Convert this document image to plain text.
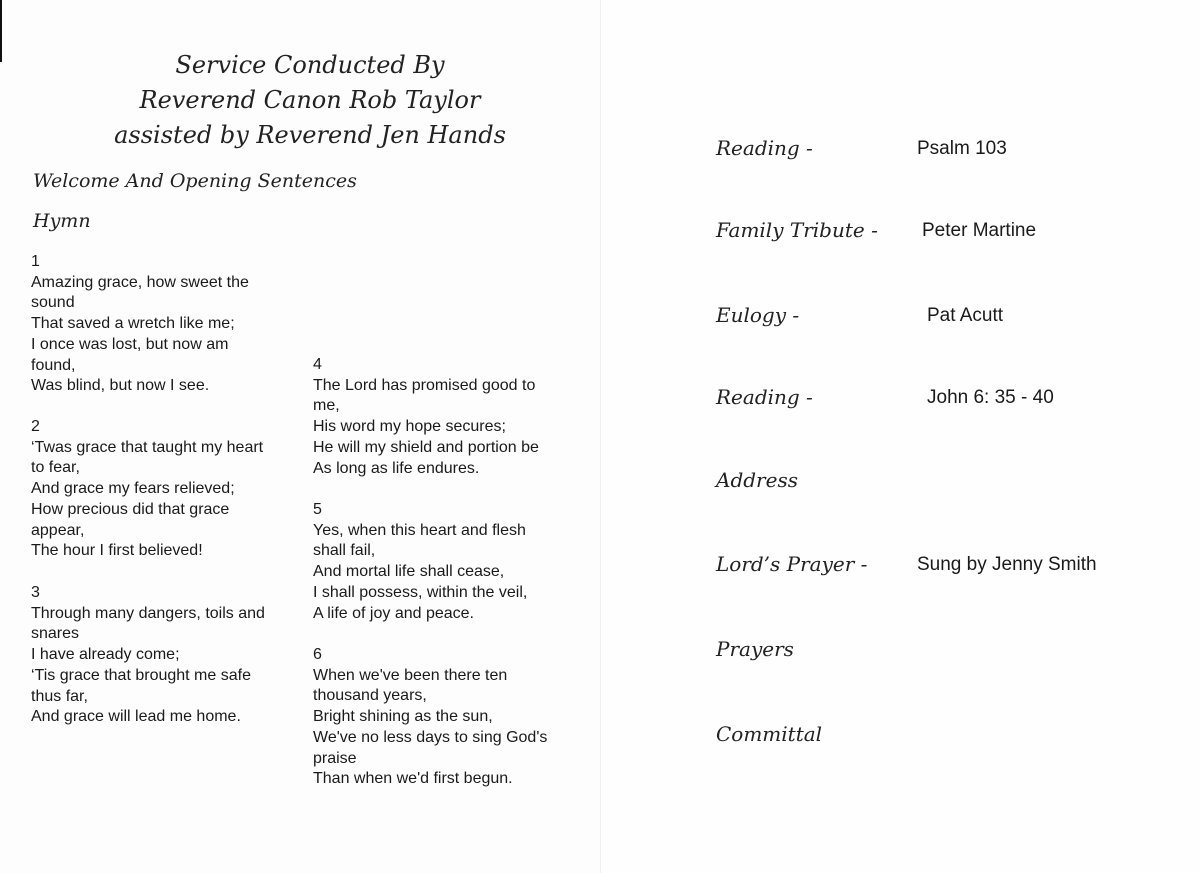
Service Conducted By
Reverend Canon Rob Taylor
assisted by Reverend Jen Hands
Welcome And Opening Sentences
Hymn
1
Amazing grace, how sweet the
sound
That saved a wretch like me;
I once was lost, but now am
found,
Was blind, but now I see.
2
‘Twas grace that taught my heart
to fear,
And grace my fears relieved;
How precious did that grace
appear,
The hour I first believed!
3
Through many dangers, toils and
snares
I have already come;
‘Tis grace that brought me safe
thus far,
And grace will lead me home.
4
The Lord has promised good to
me,
His word my hope secures;
He will my shield and portion be
As long as life endures.
5
Yes, when this heart and flesh
shall fail,
And mortal life shall cease,
I shall possess, within the veil,
A life of joy and peace.
6
When we've been there ten
thousand years,
Bright shining as the sun,
We've no less days to sing God's
praise
Than when we'd first begun.
Reading -	Psalm 103
Family Tribute - Peter Martine
Eulogy -	Pat Acutt
Reading -	John 6: 35 - 40
Address
Lord’s Prayer -	Sung by Jenny Smith
Prayers
Committal
